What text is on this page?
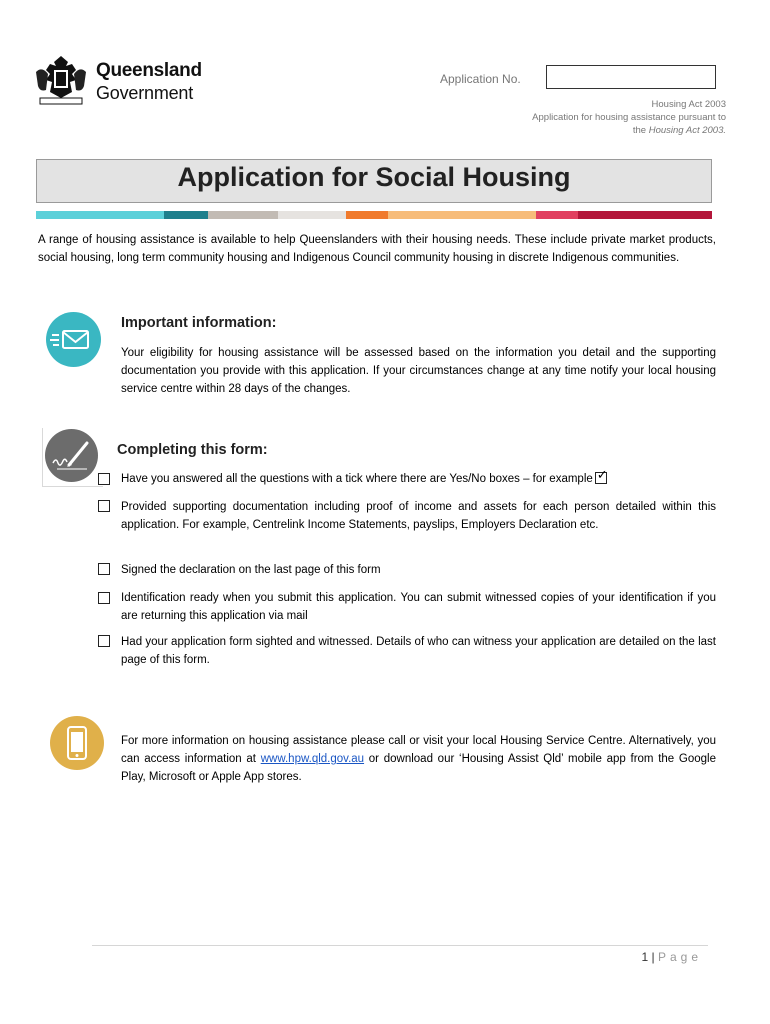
Queensland
Government
Application No.
Housing Act 2003
Application for housing assistance pursuant to
the Housing Act 2003.
Application for Social Housing
A range of housing assistance is available to help Queenslanders with their housing needs. These include private market products, social housing, long term community housing and Indigenous Council community housing in discrete Indigenous communities.
Important information:
Your eligibility for housing assistance will be assessed based on the information you detail and the supporting documentation you provide with this application. If your circumstances change at any time notify your local housing service centre within 28 days of the changes.
Completing this form:
Have you answered all the questions with a tick where there are Yes/No boxes – for example ✓
Provided supporting documentation including proof of income and assets for each person detailed within this application. For example, Centrelink Income Statements, payslips, Employers Declaration etc.
Signed the declaration on the last page of this form
Identification ready when you submit this application. You can submit witnessed copies of your identification if you are returning this application via mail
Had your application form sighted and witnessed. Details of who can witness your application are detailed on the last page of this form.
For more information on housing assistance please call or visit your local Housing Service Centre. Alternatively, you can access information at www.hpw.qld.gov.au or download our ‘Housing Assist Qld’ mobile app from the Google Play, Microsoft or Apple App stores.
1 | Page
